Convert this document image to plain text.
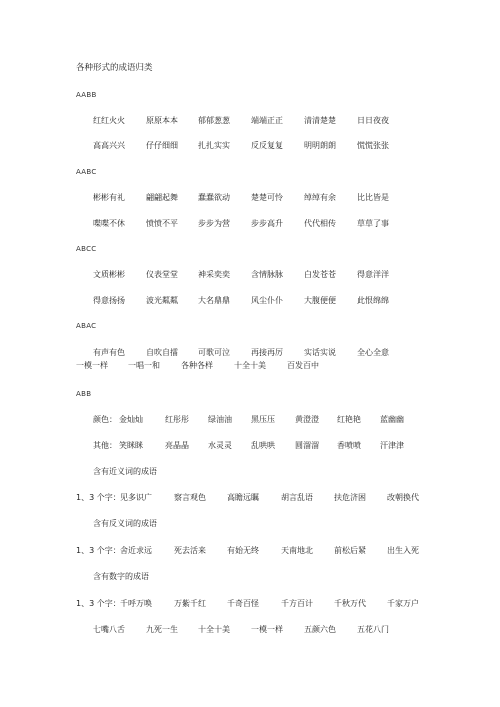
各种形式的成语归类
AABB
红红火火	原原本本	郁郁葱葱	端端正正	清清楚楚	日日夜夜
高高兴兴	仔仔细细	扎扎实实	反反复复	明明朗朗	慌慌张张
AABC
彬彬有礼	翩翩起舞	蠢蠢欲动	楚楚可怜	绰绰有余	比比皆是
喋喋不休	愤愤不平	步步为营	步步高升	代代相传	草草了事
ABCC
文质彬彬	仪表堂堂	神采奕奕	含情脉脉	白发苍苍	得意洋洋
得意扬扬	波光粼粼	大名鼎鼎	风尘仆仆	大腹便便	此恨绵绵
ABAC
有声有色	自吹自擂	可歌可泣	再接再厉	实话实说	全心全意
一模一样	一唱一和	各种各样	十全十美	百发百中
ABB
颜色： 金灿灿	红彤彤 绿油油 黑压压	黄澄澄 红艳艳 蓝幽幽
其他： 笑眯眯	亮晶晶 水灵灵 乱哄哄	圆溜溜 香喷喷 汗津津
含有近义词的成语
1、3 个字： 见多识广	察言观色	高瞻远瞩	胡言乱语	扶危济困	改朝换代
含有反义词的成语
1、3 个字： 舍近求远	死去活来	有始无终	天南地北	前松后紧	出生入死
含有数字的成语
1、3 个字： 千呼万唤	万紫千红	千奇百怪	千方百计	千秋万代	千家万户
七嘴八舌	九死一生	十全十美	一模一样	五颜六色	五花八门
